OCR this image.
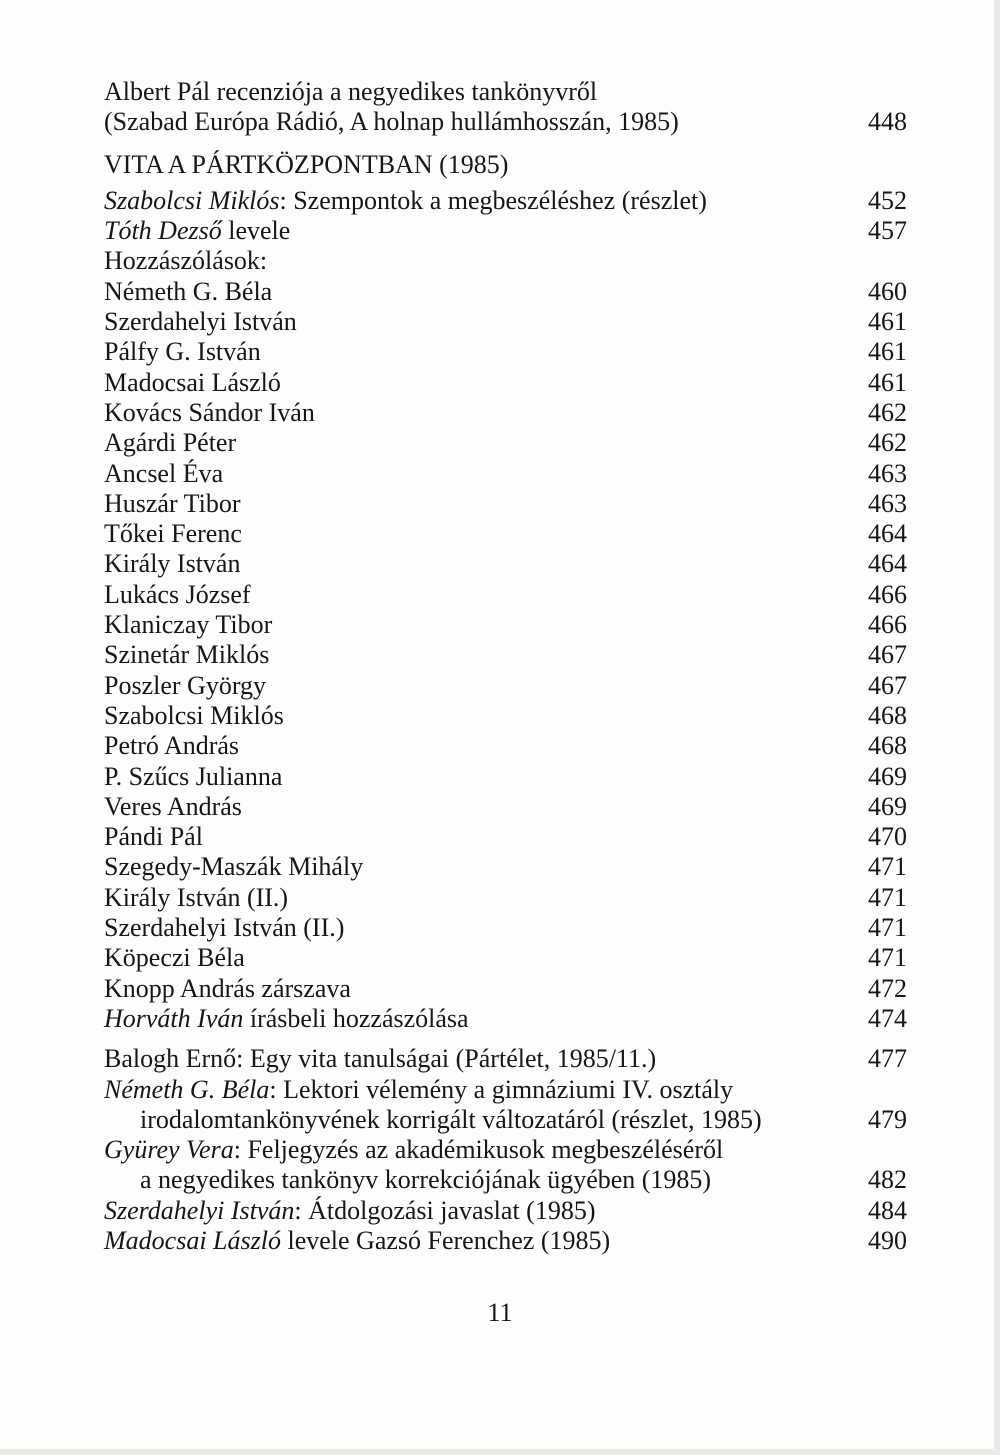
Albert Pál recenziója a negyedikes tankönyvről
(Szabad Európa Rádió, A holnap hullámhosszán, 1985)	448
VITA A PÁRTKÖZPONTBAN (1985)
Szabolcsi Miklós: Szempontok a megbeszéléshez (részlet)	452
Tóth Dezső levele	457
Hozzászólások:
Németh G. Béla	460
Szerdahelyi István	461
Pálfy G. István	461
Madocsai László	461
Kovács Sándor Iván	462
Agárdi Péter	462
Ancsel Éva	463
Huszár Tibor	463
Tőkei Ferenc	464
Király István	464
Lukács József	466
Klaniczay Tibor	466
Szinetár Miklós	467
Poszler György	467
Szabolcsi Miklós	468
Petró András	468
P. Szűcs Julianna	469
Veres András	469
Pándi Pál	470
Szegedy-Maszák Mihály	471
Király István (II.)	471
Szerdahelyi István (II.)	471
Köpeczi Béla	471
Knopp András zárszava	472
Horváth Iván írásbeli hozzászólása	474
Balogh Ernő: Egy vita tanulságai (Pártélet, 1985/11.)	477
Németh G. Béla: Lektori vélemény a gimnáziumi IV. osztály
irodalomtankönyvének korrigált változatáról (részlet, 1985)	479
Gyürey Vera: Feljegyzés az akadémikusok megbeszéléséről
a negyedikes tankönyv korrekciójának ügyében (1985)	482
Szerdahelyi István: Átdolgozási javaslat (1985)	484
Madocsai László levele Gazsó Ferenchez (1985)	490
11
